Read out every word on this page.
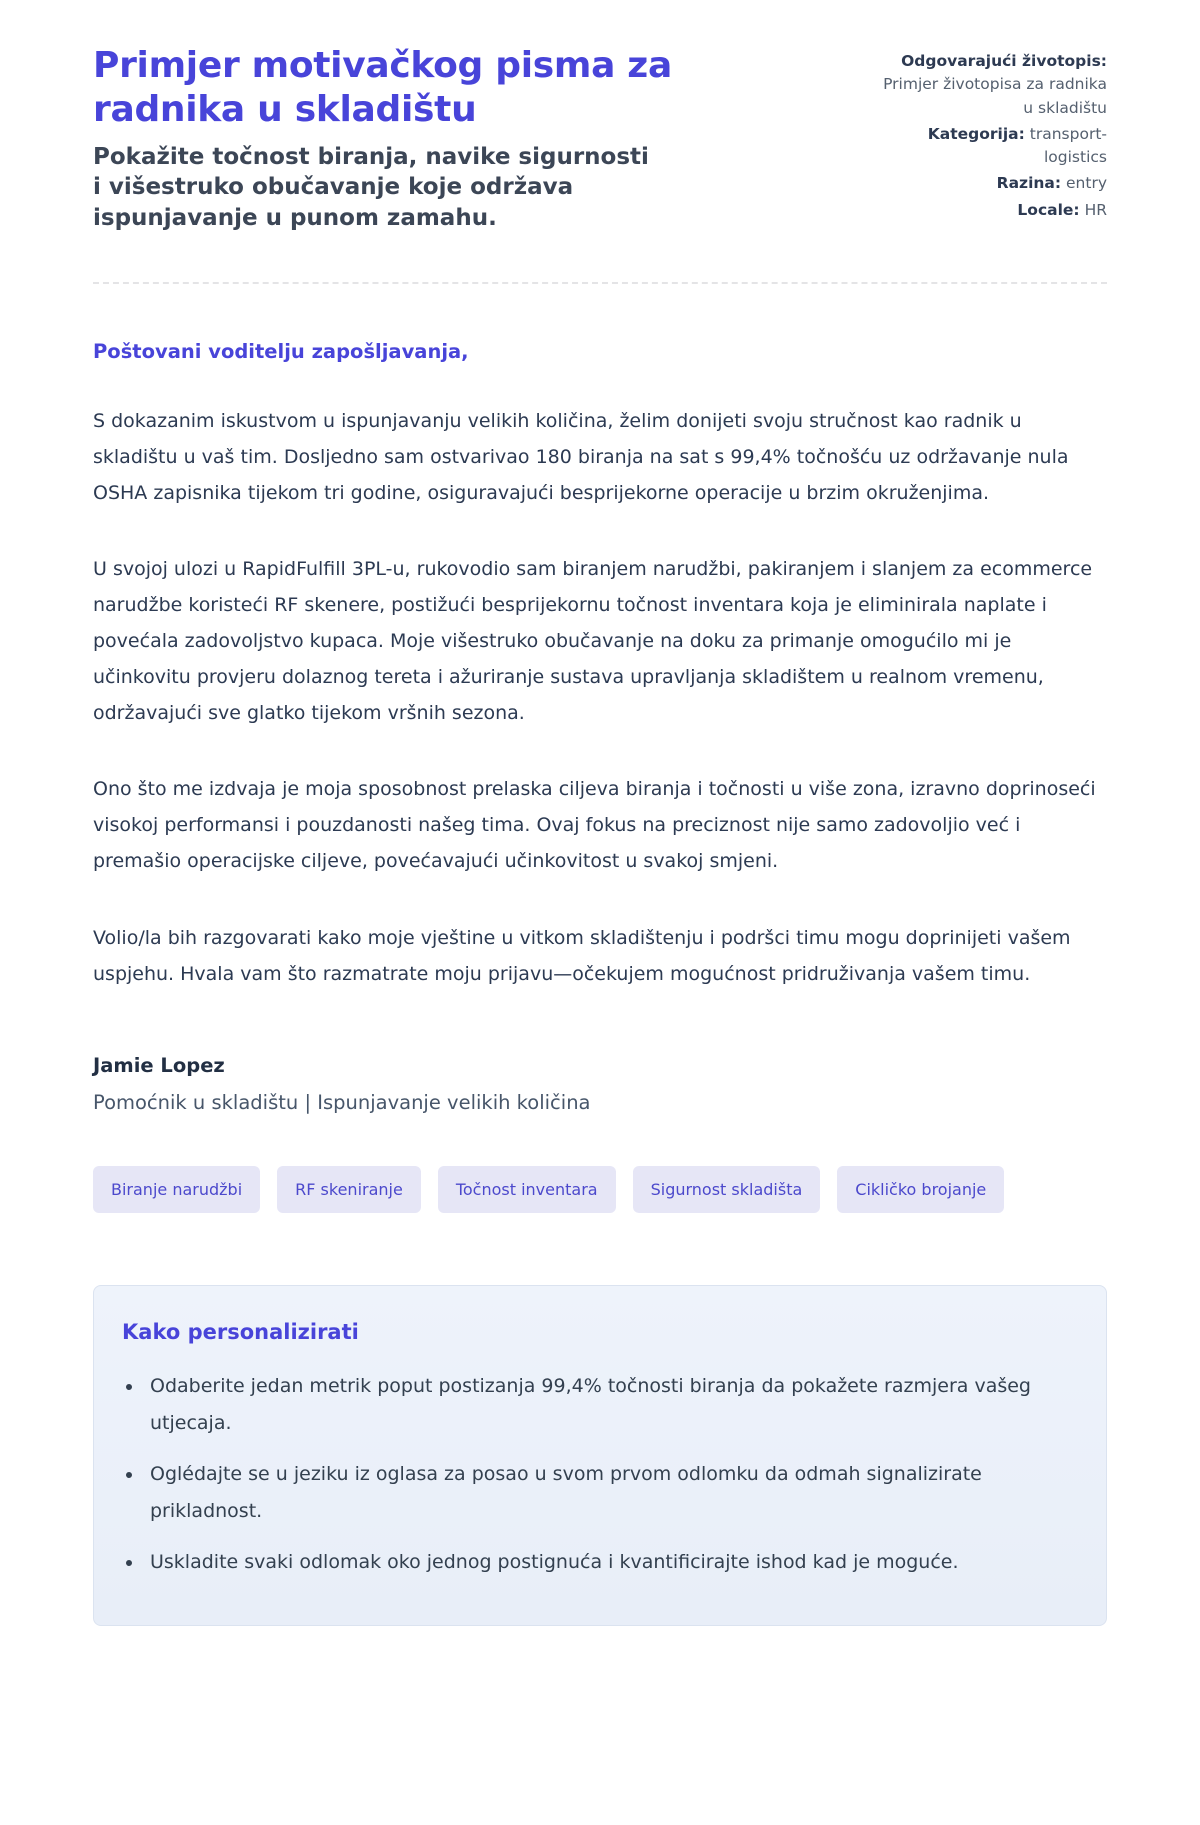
Primjer motivačkog pisma za radnika u skladištu

Pokažite točnost biranja, navike sigurnosti i višestruko obučavanje koje održava ispunjavanje u punom zamahu.

Odgovarajući životopis: Primjer životopisa za radnika u skladištu
Kategorija: transport-logistics
Razina: entry
Locale: HR

Poštovani voditelju zapošljavanja,

S dokazanim iskustvom u ispunjavanju velikih količina, želim donijeti svoju stručnost kao radnik u skladištu u vaš tim. Dosljedno sam ostvarivao 180 biranja na sat s 99,4% točnošću uz održavanje nula OSHA zapisnika tijekom tri godine, osiguravajući besprijekorne operacije u brzim okruženjima.

U svojoj ulozi u RapidFulfill 3PL-u, rukovodio sam biranjem narudžbi, pakiranjem i slanjem za ecommerce narudžbe koristeći RF skenere, postižući besprijekornu točnost inventara koja je eliminirala naplate i povećala zadovoljstvo kupaca. Moje višestruko obučavanje na doku za primanje omogućilo mi je učinkovitu provjeru dolaznog tereta i ažuriranje sustava upravljanja skladištem u realnom vremenu, održavajući sve glatko tijekom vršnih sezona.

Ono što me izdvaja je moja sposobnost prelaska ciljeva biranja i točnosti u više zona, izravno doprinoseći visokoj performansi i pouzdanosti našeg tima. Ovaj fokus na preciznost nije samo zadovoljio već i premašio operacijske ciljeve, povećavajući učinkovitost u svakoj smjeni.

Volio/la bih razgovarati kako moje vještine u vitkom skladištenju i podršci timu mogu doprinijeti vašem uspjehu. Hvala vam što razmatrate moju prijavu—očekujem mogućnost pridruživanja vašem timu.

Jamie Lopez

Pomoćnik u skladištu | Ispunjavanje velikih količina

Biranje narudžbi	RF skeniranje	Točnost inventara	Sigurnost skladišta	Cikličko brojanje
Kako personalizirati
• Odaberite jedan metrik poput postizanja 99,4% točnosti biranja da pokažete razmjera vašeg utjecaja.
• Oglédajte se u jeziku iz oglasa za posao u svom prvom odlomku da odmah signalizirate prikladnost.
• Uskladite svaki odlomak oko jednog postignuća i kvantificirajte ishod kad je moguće.
